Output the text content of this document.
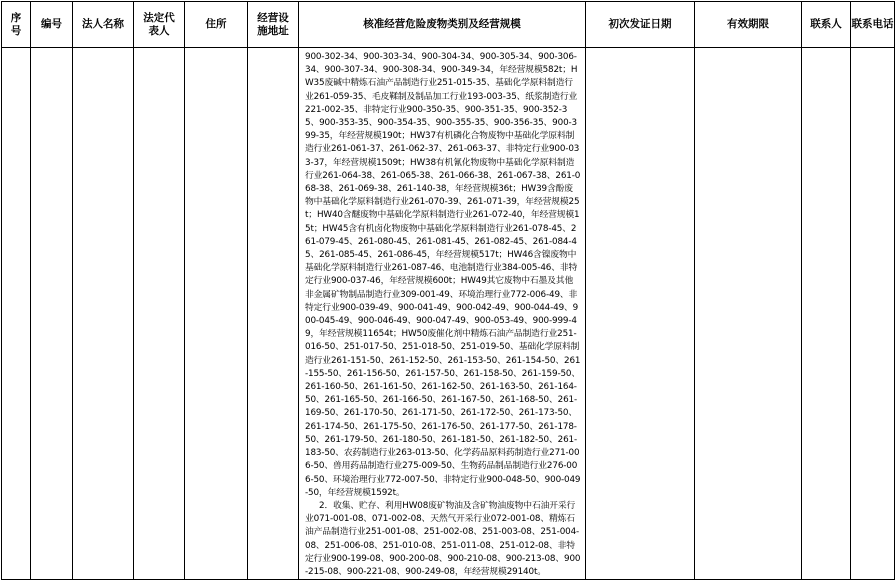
序号	编号	法人名称	法定代表人	住所	经营设施地址	核准经营危险废物类别及经营规模	初次发证日期	有效期限	联系人	联系电话

						900-302-34、900-303-34、900-304-34、900-305-34、900-306-34、900-307-34、900-308-34、900-349-34，年经营规模582t；HW35废碱中精炼石油产品制造行业251-015-35、基础化学原料制造行业261-059-35、毛皮鞣制及制品加工行业193-003-35、纸浆制造行业221-002-35、非特定行业900-350-35、900-351-35、900-352-35、900-353-35、900-354-35、900-355-35、900-356-35、900-399-35，年经营规模190t；HW37有机磷化合物废物中基础化学原料制造行业261-061-37、261-062-37、261-063-37、非特定行业900-033-37，年经营规模1509t；HW38有机氰化物废物中基础化学原料制造行业261-064-38、261-065-38、261-066-38、261-067-38、261-068-38、261-069-38、261-140-38，年经营规模36t；HW39含酚废物中基础化学原料制造行业261-070-39、261-071-39，年经营规模25t；HW40含醚废物中基础化学原料制造行业261-072-40，年经营规模15t；HW45含有机卤化物废物中基础化学原料制造行业261-078-45、261-079-45、261-080-45、261-081-45、261-082-45、261-084-45、261-085-45、261-086-45，年经营规模517t；HW46含镍废物中基础化学原料制造行业261-087-46、电池制造行业384-005-46、非特定行业900-037-46，年经营规模600t；HW49其它废物中石墨及其他非金属矿物制品制造行业309-001-49、环境治理行业772-006-49、非特定行业900-039-49、900-041-49、900-042-49、900-044-49、900-045-49、900-046-49、900-047-49、900-053-49、900-999-49，年经营规模11654t；HW50废催化剂中精炼石油产品制造行业251-016-50、251-017-50、251-018-50、251-019-50、基础化学原料制造行业261-151-50、261-152-50、261-153-50、261-154-50、261-155-50、261-156-50、261-157-50、261-158-50、261-159-50、261-160-50、261-161-50、261-162-50、261-163-50、261-164-50、261-165-50、261-166-50、261-167-50、261-168-50、261-169-50、261-170-50、261-171-50、261-172-50、261-173-50、261-174-50、261-175-50、261-176-50、261-177-50、261-178-50、261-179-50、261-180-50、261-181-50、261-182-50、261-183-50、农药制造行业263-013-50、化学药品原料药制造行业271-006-50、兽用药品制造行业275-009-50、生物药品制品制造行业276-006-50、环境治理行业772-007-50、非特定行业900-048-50、900-049-50，年经营规模1592t。

2．收集、贮存、利用HW08废矿物油及含矿物油废物中石油开采行业071-001-08、071-002-08、天然气开采行业072-001-08、精炼石油产品制造行业251-001-08、251-002-08、251-003-08、251-004-08、251-006-08、251-010-08、251-011-08、251-012-08、非特定行业900-199-08、900-200-08、900-210-08、900-213-08、900-215-08、900-221-08、900-249-08，年经营规模29140t。				
